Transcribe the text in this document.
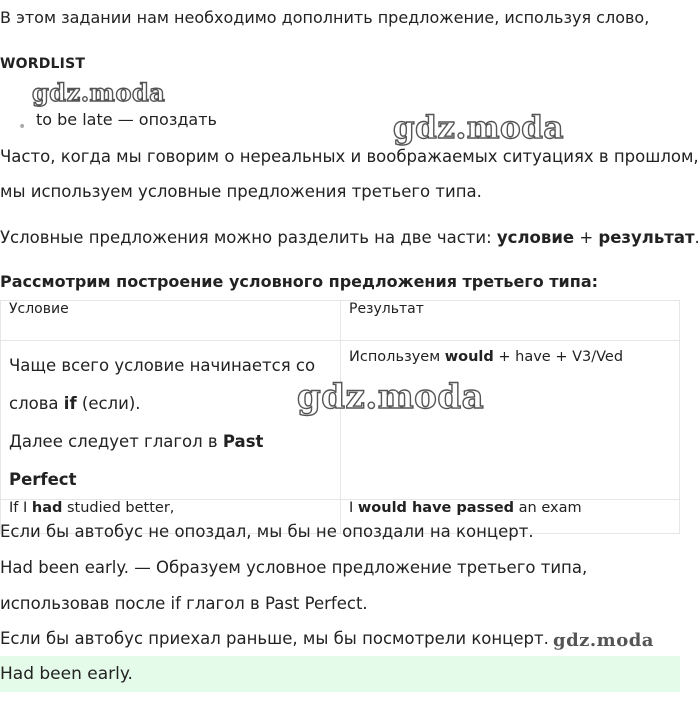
В этом задании нам необходимо дополнить предложение, используя слово,
WORDLIST
• to be late — опоздать
Часто, когда мы говорим о нереальных и воображаемых ситуациях в прошлом,
мы используем условные предложения третьего типа.
Условные предложения можно разделить на две части: условие + результат.
Рассмотрим построение условного предложения третьего типа:
Условие	Результат

Чаще всего условие начинается со

слова if (если).

Далее следует глагол в Past Perfect	Используем would + have + V3/Ved

If I had studied better,	I would have passed an exam
Если бы автобус не опоздал, мы бы не опоздали на концерт.
Had been early. — Образуем условное предложение третьего типа,
использовав после if глагол в Past Perfect.
Если бы автобус приехал раньше, мы бы посмотрели концерт.
Had been early.
gdz.moda
gdz.moda
gdz.moda
gdz.moda
